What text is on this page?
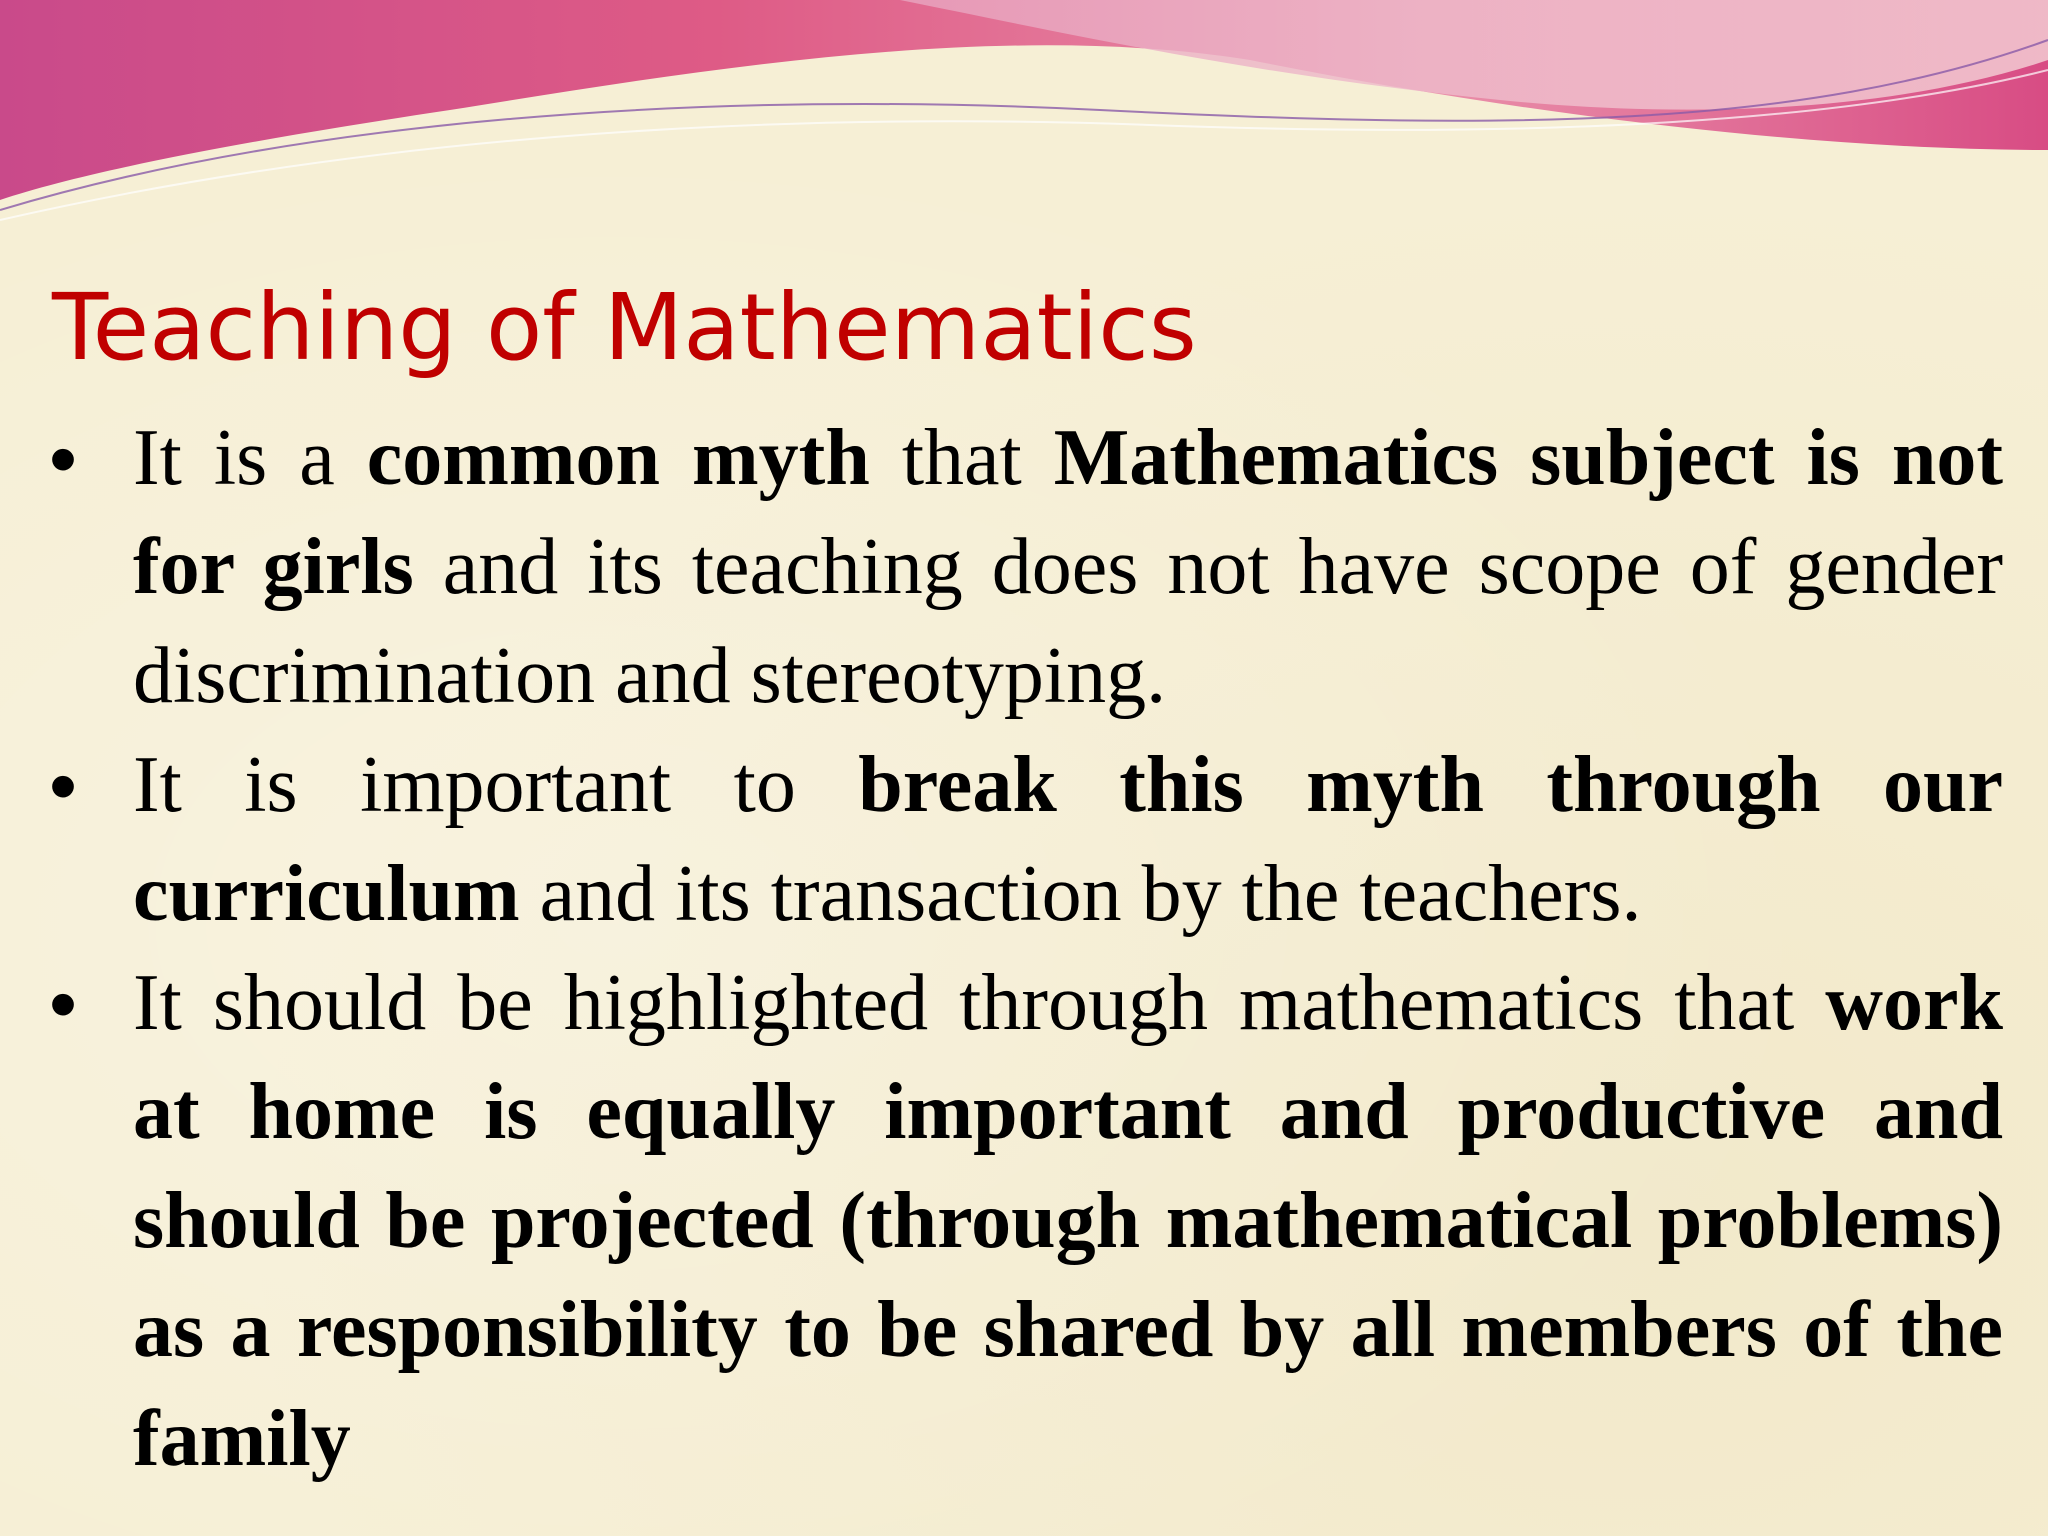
Teaching of Mathematics
• It is a common myth that Mathematics subject is not for girls and its teaching does not have scope of gender discrimination and stereotyping.
• It is important to break this myth through our curriculum and its transaction by the teachers.
• It should be highlighted through mathematics that work at home is equally important and productive and should be projected (through mathematical problems) as a responsibility to be shared by all members of the family
